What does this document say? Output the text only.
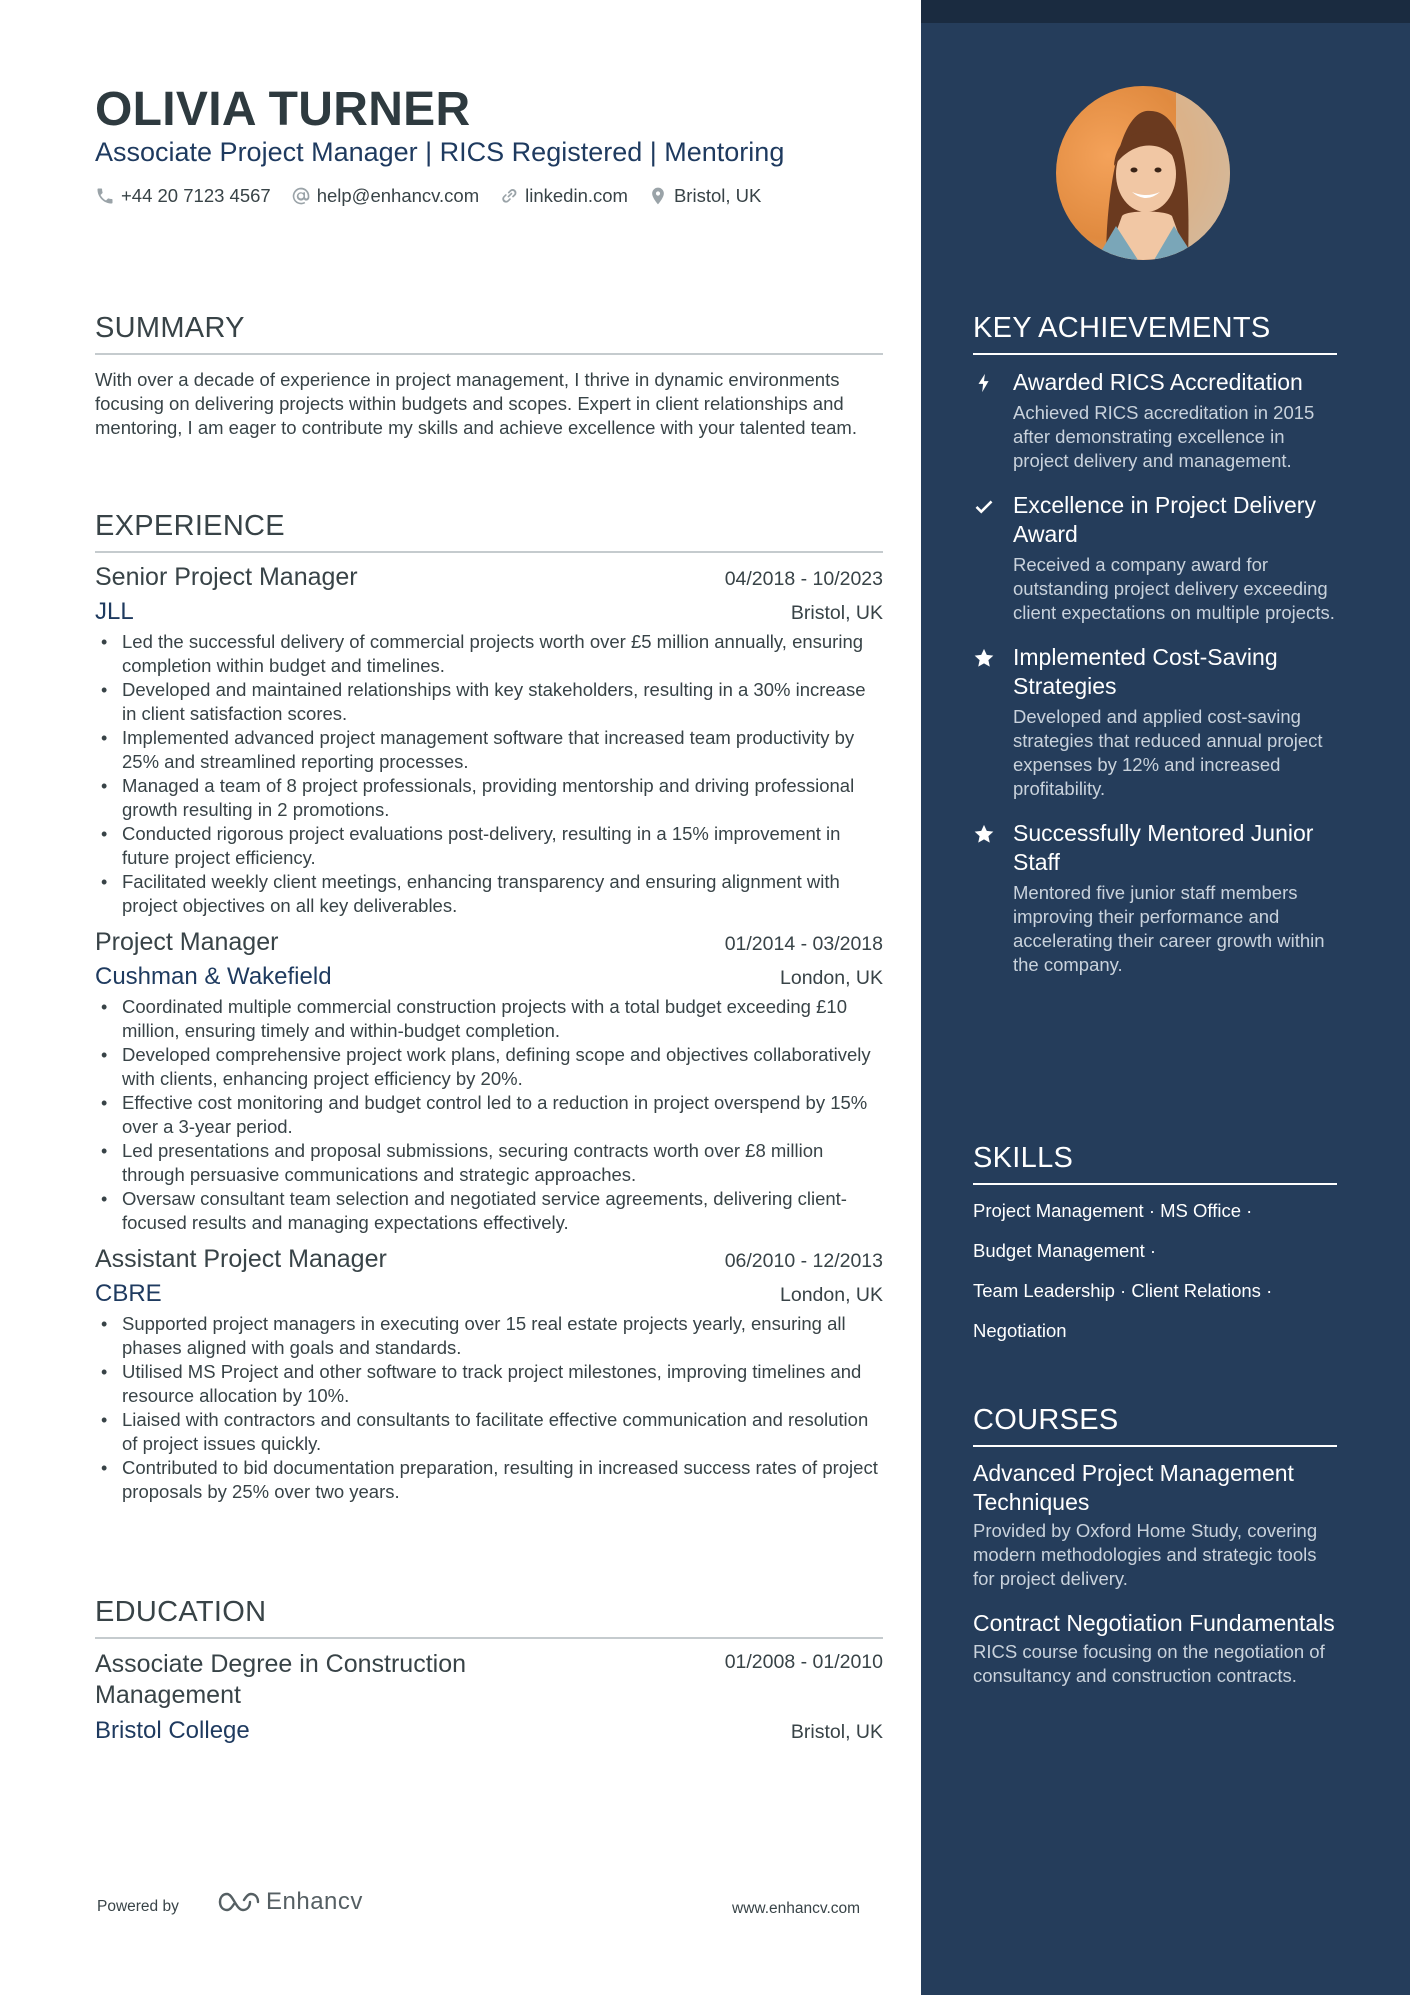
OLIVIA TURNER
Associate Project Manager | RICS Registered | Mentoring
+44 20 7123 4567 help@enhancv.com linkedin.com Bristol, UK
SUMMARY
With over a decade of experience in project management, I thrive in dynamic environments focusing on delivering projects within budgets and scopes. Expert in client relationships and mentoring, I am eager to contribute my skills and achieve excellence with your talented team.
EXPERIENCE
Senior Project Manager	04/2018 - 10/2023
JLL	Bristol, UK
• Led the successful delivery of commercial projects worth over £5 million annually, ensuring completion within budget and timelines.
• Developed and maintained relationships with key stakeholders, resulting in a 30% increase in client satisfaction scores.
• Implemented advanced project management software that increased team productivity by 25% and streamlined reporting processes.
• Managed a team of 8 project professionals, providing mentorship and driving professional growth resulting in 2 promotions.
• Conducted rigorous project evaluations post-delivery, resulting in a 15% improvement in future project efficiency.
• Facilitated weekly client meetings, enhancing transparency and ensuring alignment with project objectives on all key deliverables.
Project Manager	01/2014 - 03/2018
Cushman & Wakefield	London, UK
• Coordinated multiple commercial construction projects with a total budget exceeding £10 million, ensuring timely and within-budget completion.
• Developed comprehensive project work plans, defining scope and objectives collaboratively with clients, enhancing project efficiency by 20%.
• Effective cost monitoring and budget control led to a reduction in project overspend by 15% over a 3-year period.
• Led presentations and proposal submissions, securing contracts worth over £8 million through persuasive communications and strategic approaches.
• Oversaw consultant team selection and negotiated service agreements, delivering client-focused results and managing expectations effectively.
Assistant Project Manager	06/2010 - 12/2013
CBRE	London, UK
• Supported project managers in executing over 15 real estate projects yearly, ensuring all phases aligned with goals and standards.
• Utilised MS Project and other software to track project milestones, improving timelines and resource allocation by 10%.
• Liaised with contractors and consultants to facilitate effective communication and resolution of project issues quickly.
• Contributed to bid documentation preparation, resulting in increased success rates of project proposals by 25% over two years.
EDUCATION
Associate Degree in Construction Management
01/2008 - 01/2010
Bristol College	Bristol, UK
Powered by	Enhancv	www.enhancv.com
KEY ACHIEVEMENTS
Awarded RICS Accreditation
Achieved RICS accreditation in 2015 after demonstrating excellence in project delivery and management.
Excellence in Project Delivery Award
Received a company award for outstanding project delivery exceeding client expectations on multiple projects.
Implemented Cost-Saving Strategies
Developed and applied cost-saving strategies that reduced annual project expenses by 12% and increased profitability.
Successfully Mentored Junior Staff
Mentored five junior staff members improving their performance and accelerating their career growth within the company.
SKILLS
Project Management · MS Office ·
Budget Management ·
Team Leadership · Client Relations ·
Negotiation
COURSES
Advanced Project Management Techniques
Provided by Oxford Home Study, covering modern methodologies and strategic tools for project delivery.
Contract Negotiation Fundamentals
RICS course focusing on the negotiation of consultancy and construction contracts.
